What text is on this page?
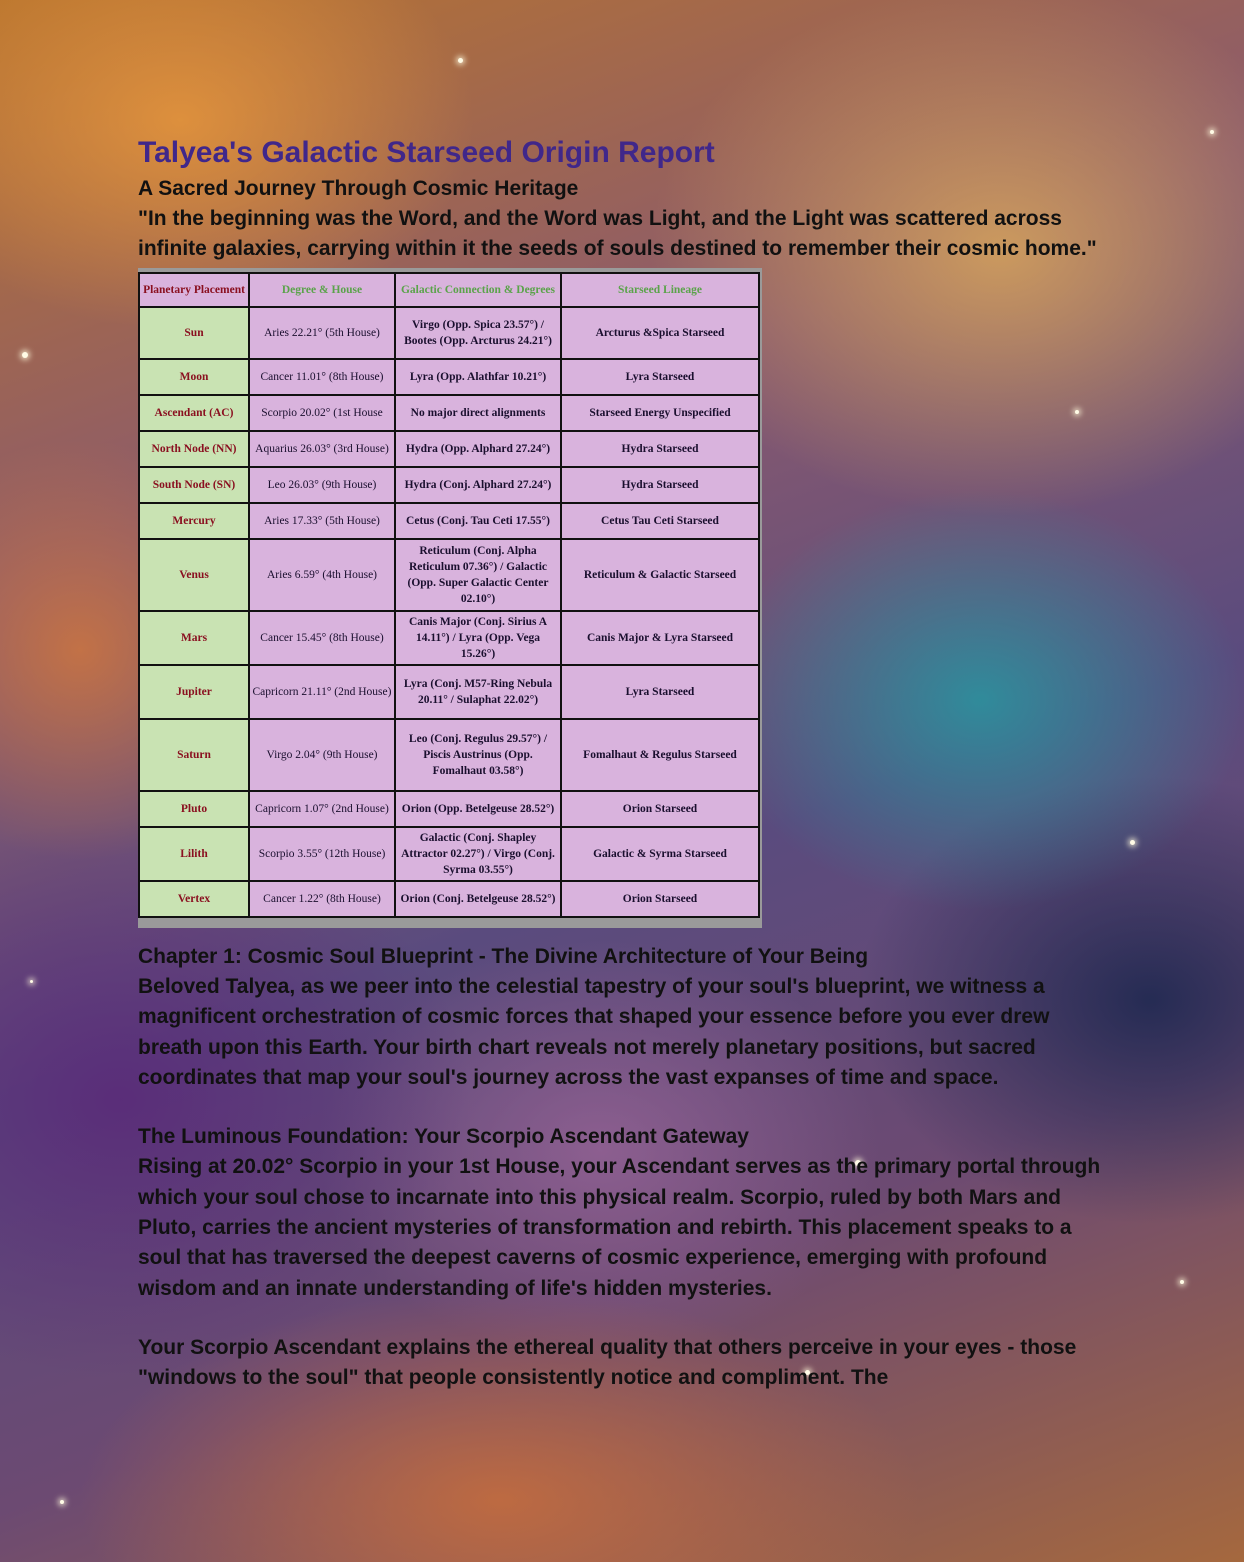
Talyea's Galactic Starseed Origin Report

A Sacred Journey Through Cosmic Heritage

"In the beginning was the Word, and the Word was Light, and the Light was scattered across infinite galaxies, carrying within it the seeds of souls destined to remember their cosmic home."

Planetary Placement	Degree & House	Galactic Connection & Degrees	Starseed Lineage
Sun	Aries 22.21° (5th House)	Virgo (Opp. Spica 23.57°) / Bootes (Opp. Arcturus 24.21°)	Arcturus &Spica Starseed
Moon	Cancer 11.01° (8th House)	Lyra (Opp. Alathfar 10.21°)	Lyra Starseed
Ascendant (AC)	Scorpio 20.02° (1st House	No major direct alignments	Starseed Energy Unspecified
North Node (NN)	Aquarius 26.03° (3rd House)	Hydra (Opp. Alphard 27.24°)	Hydra Starseed
South Node (SN)	Leo 26.03° (9th House)	Hydra (Conj. Alphard 27.24°)	Hydra Starseed
Mercury	Aries 17.33° (5th House)	Cetus (Conj. Tau Ceti 17.55°)	Cetus Tau Ceti Starseed
Venus	Aries 6.59° (4th House)	Reticulum (Conj. Alpha Reticulum 07.36°) / Galactic (Opp. Super Galactic Center 02.10°)	Reticulum & Galactic Starseed
Mars	Cancer 15.45° (8th House)	Canis Major (Conj. Sirius A 14.11°) / Lyra (Opp. Vega 15.26°)	Canis Major & Lyra Starseed
Jupiter	Capricorn 21.11° (2nd House)	Lyra (Conj. M57-Ring Nebula 20.11° / Sulaphat 22.02°)	Lyra Starseed
Saturn	Virgo 2.04° (9th House)	Leo (Conj. Regulus 29.57°) / Piscis Austrinus (Opp. Fomalhaut 03.58°)	Fomalhaut & Regulus Starseed
Pluto	Capricorn 1.07° (2nd House)	Orion (Opp. Betelgeuse 28.52°)	Orion Starseed
Lilith	Scorpio 3.55° (12th House)	Galactic (Conj. Shapley Attractor 02.27°) / Virgo (Conj. Syrma 03.55°)	Galactic & Syrma Starseed
Vertex	Cancer 1.22° (8th House)	Orion (Conj. Betelgeuse 28.52°)	Orion Starseed

Chapter 1: Cosmic Soul Blueprint - The Divine Architecture of Your Being

Beloved Talyea, as we peer into the celestial tapestry of your soul's blueprint, we witness a magnificent orchestration of cosmic forces that shaped your essence before you ever drew breath upon this Earth. Your birth chart reveals not merely planetary positions, but sacred coordinates that map your soul's journey across the vast expanses of time and space.

The Luminous Foundation: Your Scorpio Ascendant Gateway

Rising at 20.02° Scorpio in your 1st House, your Ascendant serves as the primary portal through which your soul chose to incarnate into this physical realm. Scorpio, ruled by both Mars and Pluto, carries the ancient mysteries of transformation and rebirth. This placement speaks to a soul that has traversed the deepest caverns of cosmic experience, emerging with profound wisdom and an innate understanding of life's hidden mysteries.

Your Scorpio Ascendant explains the ethereal quality that others perceive in your eyes - those "windows to the soul" that people consistently notice and compliment. The
